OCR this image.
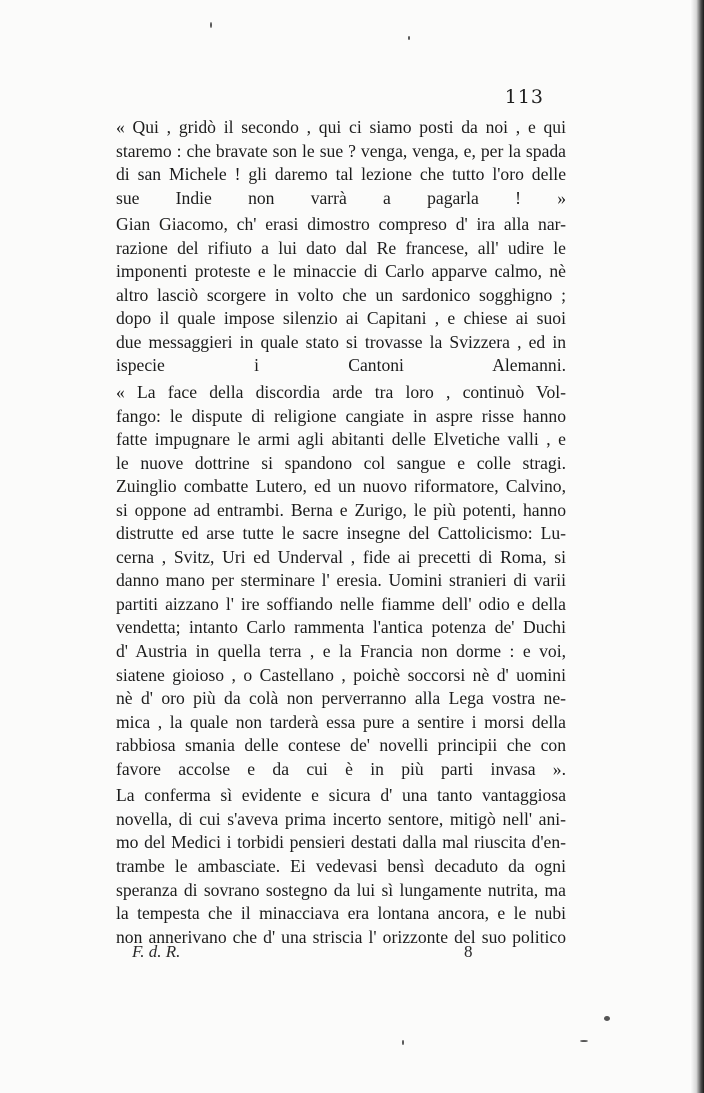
113

« Qui , gridò il secondo , qui ci siamo posti da noi , e qui
staremo : che bravate son le sue ? venga, venga, e, per la spada
di san Michele ! gli daremo tal lezione che tutto l'oro delle
sue Indie non varrà a pagarla ! »

Gian Giacomo, ch' erasi dimostro compreso d' ira alla nar-
razione del rifiuto a lui dato dal Re francese, all' udire le
imponenti proteste e le minaccie di Carlo apparve calmo, nè
altro lasciò scorgere in volto che un sardonico sogghigno ;
dopo il quale impose silenzio ai Capitani , e chiese ai suoi
due messaggieri in quale stato si trovasse la Svizzera , ed in
ispecie i Cantoni Alemanni.

« La face della discordia arde tra loro , continuò Vol-
fango: le dispute di religione cangiate in aspre risse hanno
fatte impugnare le armi agli abitanti delle Elvetiche valli , e
le nuove dottrine si spandono col sangue e colle stragi.
Zuinglio combatte Lutero, ed un nuovo riformatore, Calvino,
si oppone ad entrambi. Berna e Zurigo, le più potenti, hanno
distrutte ed arse tutte le sacre insegne del Cattolicismo: Lu-
cerna , Svitz, Uri ed Underval , fide ai precetti di Roma, si
danno mano per sterminare l' eresia. Uomini stranieri di varii
partiti aizzano l' ire soffiando nelle fiamme dell' odio e della
vendetta; intanto Carlo rammenta l'antica potenza de' Duchi
d' Austria in quella terra , e la Francia non dorme : e voi,
siatene gioioso , o Castellano , poichè soccorsi nè d' uomini
nè d' oro più da colà non perverranno alla Lega vostra ne-
mica , la quale non tarderà essa pure a sentire i morsi della
rabbiosa smania delle contese de' novelli principii che con
favore accolse e da cui è in più parti invasa ».

La conferma sì evidente e sicura d' una tanto vantaggiosa
novella, di cui s'aveva prima incerto sentore, mitigò nell' ani-
mo del Medici i torbidi pensieri destati dalla mal riuscita d'en-
trambe le ambasciate. Ei vedevasi bensì decaduto da ogni
speranza di sovrano sostegno da lui sì lungamente nutrita, ma
la tempesta che il minacciava era lontana ancora, e le nubi
non annerivano che d' una striscia l' orizzonte del suo politico

F. d. R.	8
